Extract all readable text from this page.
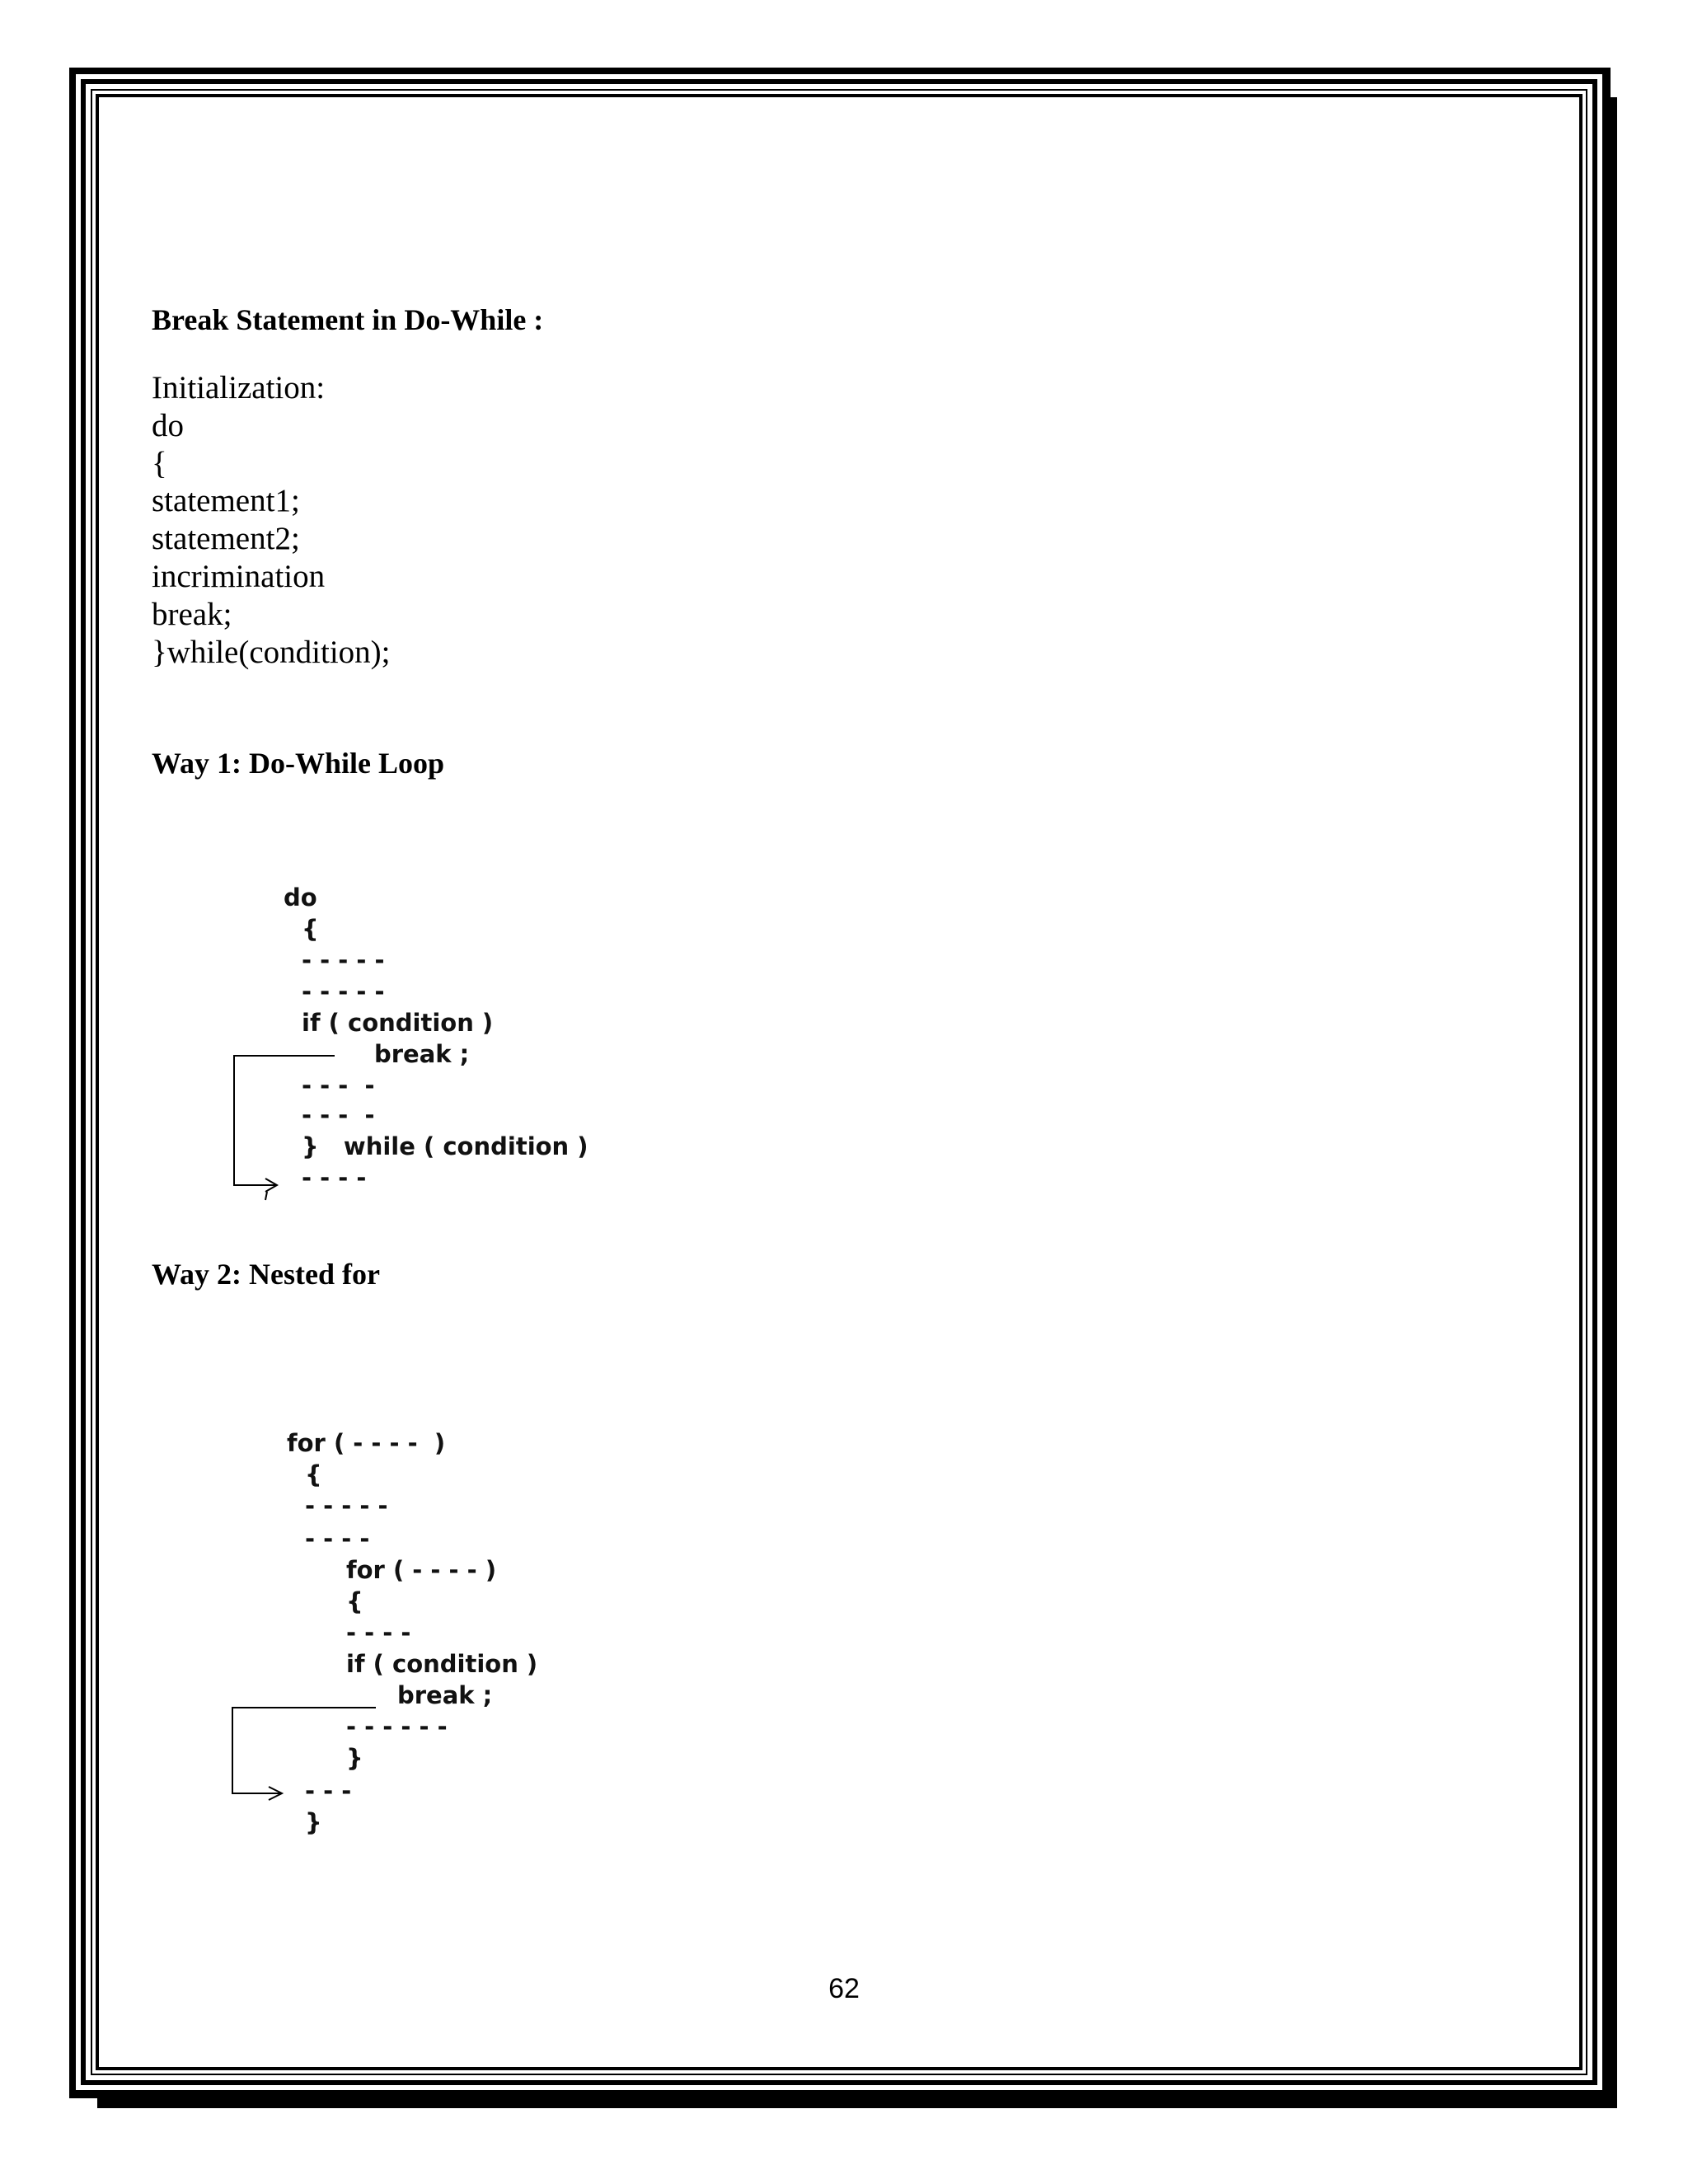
Break Statement in Do-While :
Initialization:
do
{
statement1;
statement2;
incrimination
break;
}while(condition);
Way 1: Do-While Loop
do
{
- - - - -
- - - - -
if ( condition )
break ;
- - -  -
- - -  -
}   while ( condition )
- - - -
Way 2: Nested for
for ( - - - -  )
{
- - - - -
- - - -
for ( - - - - )
{
- - - -
if ( condition )
break ;
- - - - - -
}
- - -
}
62
